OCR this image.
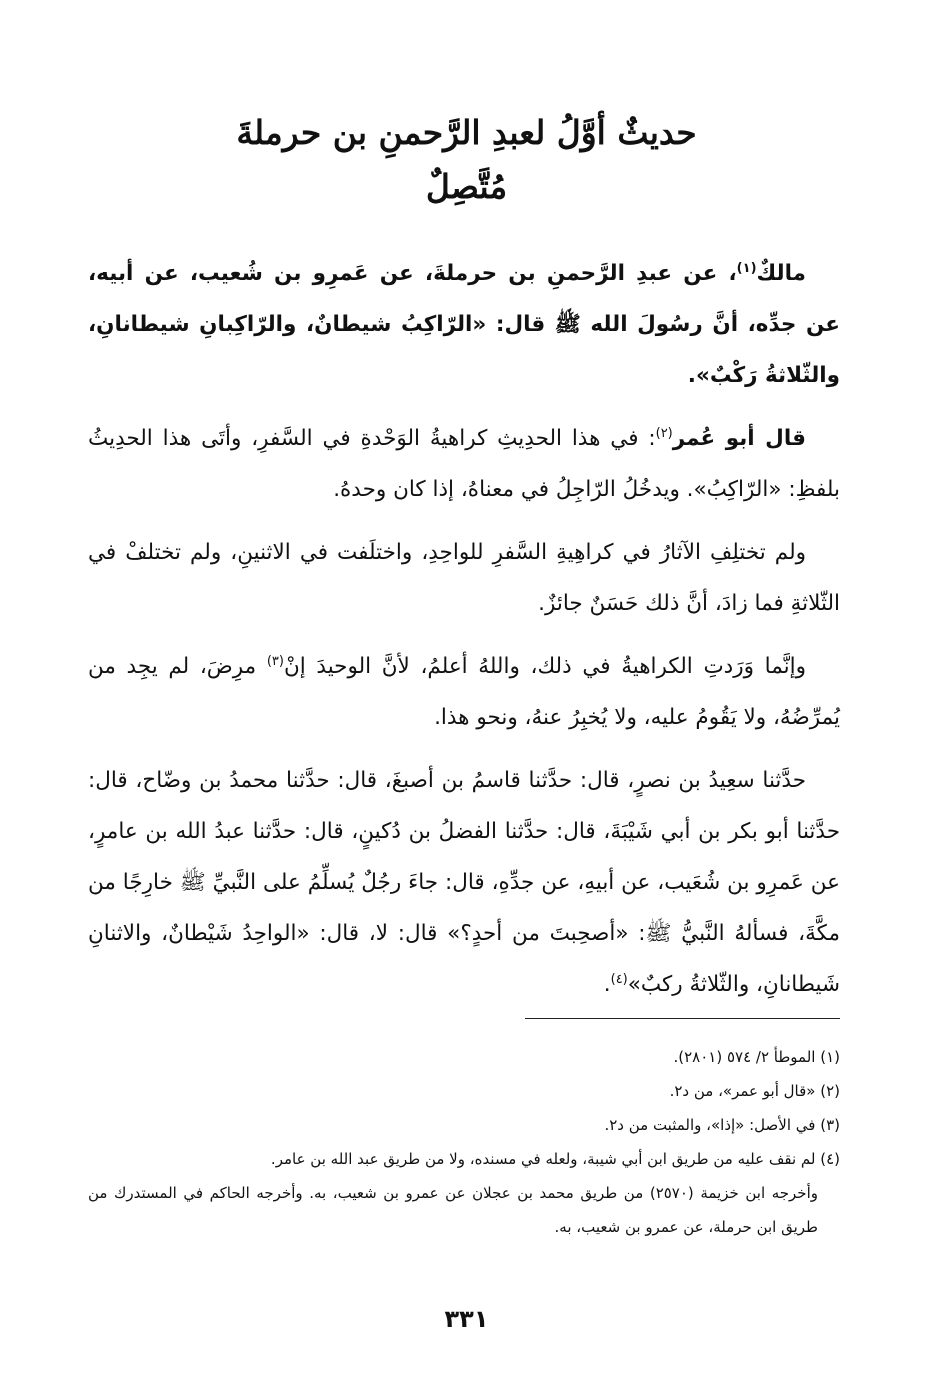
حديثٌ أوَّلُ لعبدِ الرَّحمنِ بن حرملةَ
مُتَّصِلٌ

مالكٌ$^{(١)}$، عن عبدِ الرَّحمنِ بن حرملةَ، عن عَمرِو بن شُعيب، عن أبيه، عن جدِّه، أنَّ رسُولَ الله ﷺ قال: «الرّاكِبُ شيطانٌ، والرّاكِبانِ شيطانانِ، والثّلاثةُ رَكْبٌ».

قال أبو عُمر$^{(٢)}$: في هذا الحدِيثِ كراهيةُ الوَحْدةِ في السَّفرِ، وأتَى هذا الحدِيثُ بلفظِ: «الرّاكِبُ». ويدخُلُ الرّاجِلُ في معناهُ، إذا كان وحدهُ.

ولم تختلِفِ الآثارُ في كراهِيةِ السَّفرِ للواحِدِ، واختلَفت في الاثنينِ، ولم تختلفْ في الثّلاثةِ فما زادَ، أنَّ ذلك حَسَنٌ جائزٌ.

وإنَّما وَرَدتِ الكراهيةُ في ذلك، واللهُ أعلمُ، لأنَّ الوحيدَ إنْ$^{(٣)}$ مرِضَ، لم يجِد من يُمرِّضُهُ، ولا يَقُومُ عليه، ولا يُخبِرُ عنهُ، ونحو هذا.

حدَّثنا سعِيدُ بن نصرٍ، قال: حدَّثنا قاسمُ بن أصبغَ، قال: حدَّثنا محمدُ بن وضّاح، قال: حدَّثنا أبو بكر بن أبي شَيْبَةَ، قال: حدَّثنا الفضلُ بن دُكينٍ، قال: حدَّثنا عبدُ الله بن عامرٍ، عن عَمرِو بن شُعَيب، عن أبيهِ، عن جدِّهِ، قال: جاءَ رجُلٌ يُسلِّمُ على النَّبيِّ ﷺ خارِجًا من مكَّةَ، فسألهُ النَّبيُّ ﷺ: «أصحِبتَ من أحدٍ؟» قال: لا، قال: «الواحِدُ شَيْطانٌ، والاثنانِ شَيطانانِ، والثّلاثةُ ركبٌ»$^{(٤)}$.

(١) الموطأ ٢/ ٥٧٤ (٢٨٠١).

(٢) «قال أبو عمر»، من د٢.

(٣) في الأصل: «إذا»، والمثبت من د٢.

(٤) لم نقف عليه من طريق ابن أبي شيبة، ولعله في مسنده، ولا من طريق عبد الله بن عامر.

وأخرجه ابن خزيمة (٢٥٧٠) من طريق محمد بن عجلان عن عمرو بن شعيب، به. وأخرجه الحاكم في المستدرك من طريق ابن حرملة، عن عمرو بن شعيب، به.

٣٣١
